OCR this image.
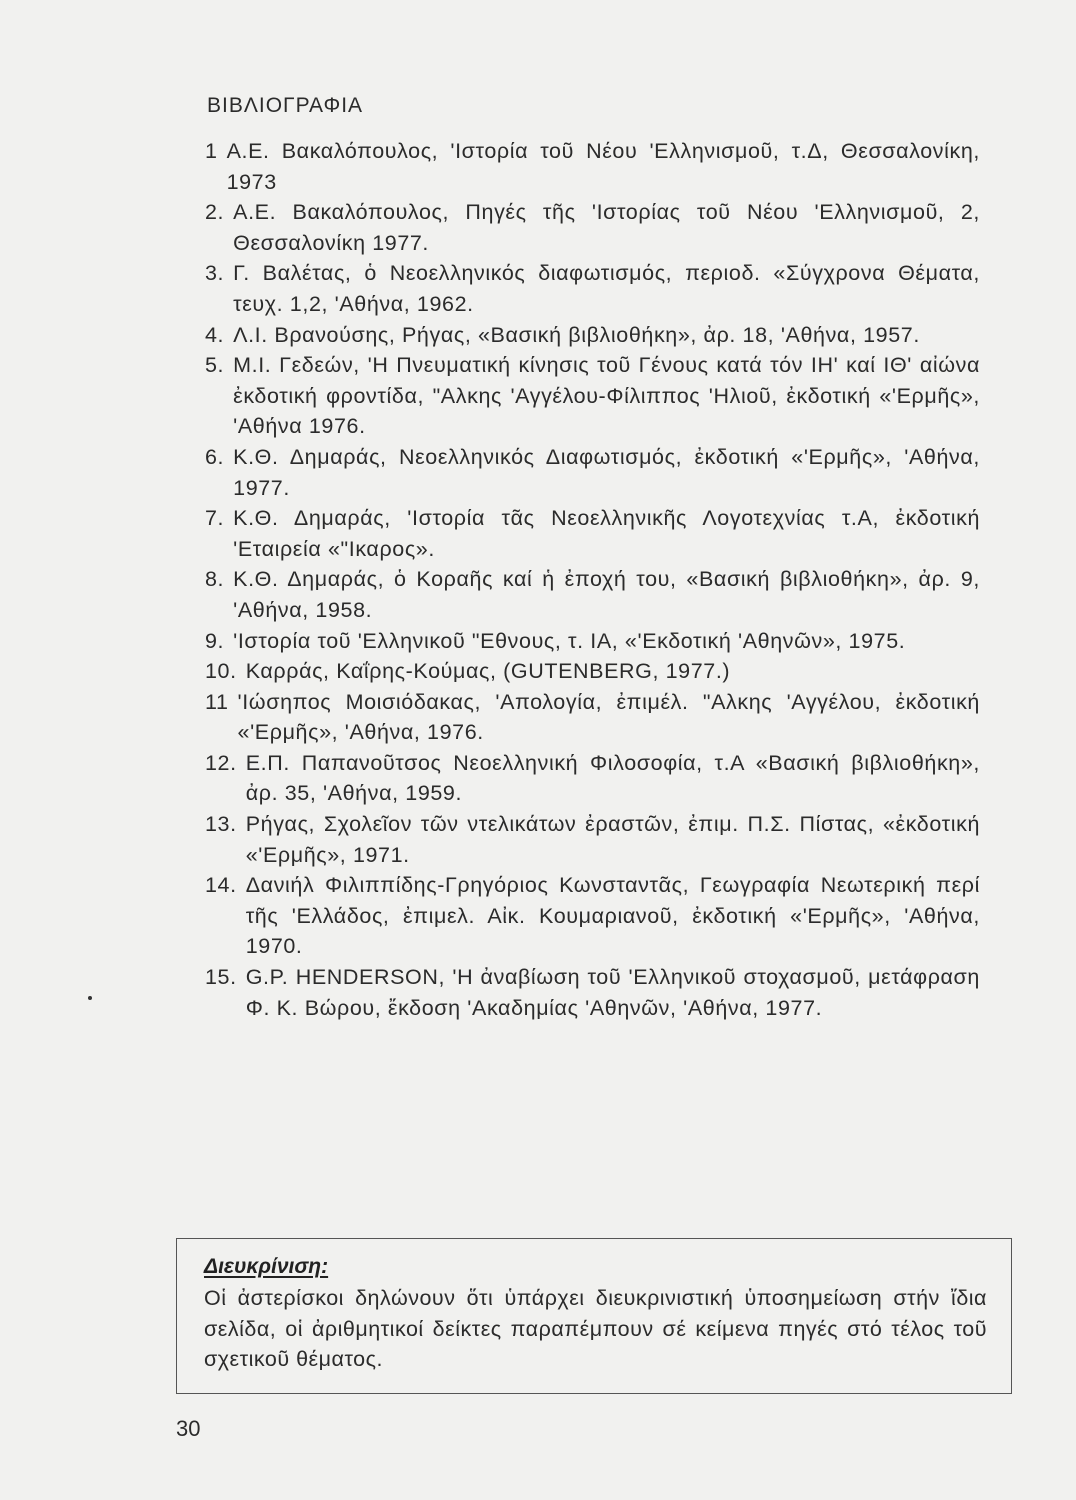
ΒΙΒΛΙΟΓΡΑΦΙΑ
1 Α.Ε. Βακαλόπουλος, 'Ιστορία τοῦ Νέου 'Ελληνισμοῦ, τ.Δ, Θεσσαλονίκη, 1973
2. Α.Ε. Βακαλόπουλος, Πηγές τῆς 'Ιστορίας τοῦ Νέου 'Ελληνισμοῦ, 2, Θεσσαλονίκη 1977.
3. Γ. Βαλέτας, ὁ Νεοελληνικός διαφωτισμός, περιοδ. «Σύγχρονα Θέματα, τευχ. 1,2, 'Αθήνα, 1962.
4. Λ.Ι. Βρανούσης, Ρήγας, «Βασική βιβλιοθήκη», ἀρ. 18, 'Αθήνα, 1957.
5. Μ.Ι. Γεδεών, 'Η Πνευματική κίνησις τοῦ Γένους κατά τόν ΙΗ' καί ΙΘ' αἰώνα ἐκδοτική φροντίδα, "Αλκης 'Αγγέλου-Φίλιππος 'Ηλιοῦ, ἐκδοτική «'Ερμῆς», 'Αθήνα 1976.
6. Κ.Θ. Δημαράς, Νεοελληνικός Διαφωτισμός, ἐκδοτική «'Ερμῆς», 'Αθήνα, 1977.
7. Κ.Θ. Δημαράς, 'Ιστορία τᾶς Νεοελληνικῆς Λογοτεχνίας τ.Α, ἐκδοτική 'Εταιρεία «"Ικαρος».
8. Κ.Θ. Δημαράς, ὁ Κοραῆς καί ἡ ἐποχή του, «Βασική βιβλιοθήκη», ἀρ. 9, 'Αθήνα, 1958.
9. 'Ιστορία τοῦ 'Ελληνικοῦ "Εθνους, τ. ΙΑ, «'Εκδοτική 'Αθηνῶν», 1975.
10. Καρράς, Καΐρης-Κούμας, (GUTENBERG, 1977.)
11 'Ιώσηπος Μοισιόδακας, 'Απολογία, ἐπιμέλ. "Αλκης 'Αγγέλου, ἐκδοτική «'Ερμῆς», 'Αθήνα, 1976.
12. Ε.Π. Παπανοῦτσος Νεοελληνική Φιλοσοφία, τ.Α «Βασική βιβλιοθήκη», ἀρ. 35, 'Αθήνα, 1959.
13. Ρήγας, Σχολεῖον τῶν ντελικάτων ἐραστῶν, ἐπιμ. Π.Σ. Πίστας, «ἐκδοτική «'Ερμῆς», 1971.
14. Δανιήλ Φιλιππίδης-Γρηγόριος Κωνσταντᾶς, Γεωγραφία Νεωτερική περί τῆς 'Ελλάδος, ἐπιμελ. Αἰκ. Κουμαριανοῦ, ἐκδοτική «'Ερμῆς», 'Αθήνα, 1970.
15. G.P. HENDERSON, 'Η ἀναβίωση τοῦ 'Ελληνικοῦ στοχασμοῦ, μετάφραση Φ. Κ. Βώρου, ἔκδοση 'Ακαδημίας 'Αθηνῶν, 'Αθήνα, 1977.
Διευκρίνιση:
Οἱ ἀστερίσκοι δηλώνουν ὅτι ὑπάρχει διευκρινιστική ὑποσημείωση στήν ἴδια σελίδα, οἱ ἀριθμητικοί δείκτες παραπέμπουν σέ κείμενα πηγές στό τέλος τοῦ σχετικοῦ θέματος.
30
